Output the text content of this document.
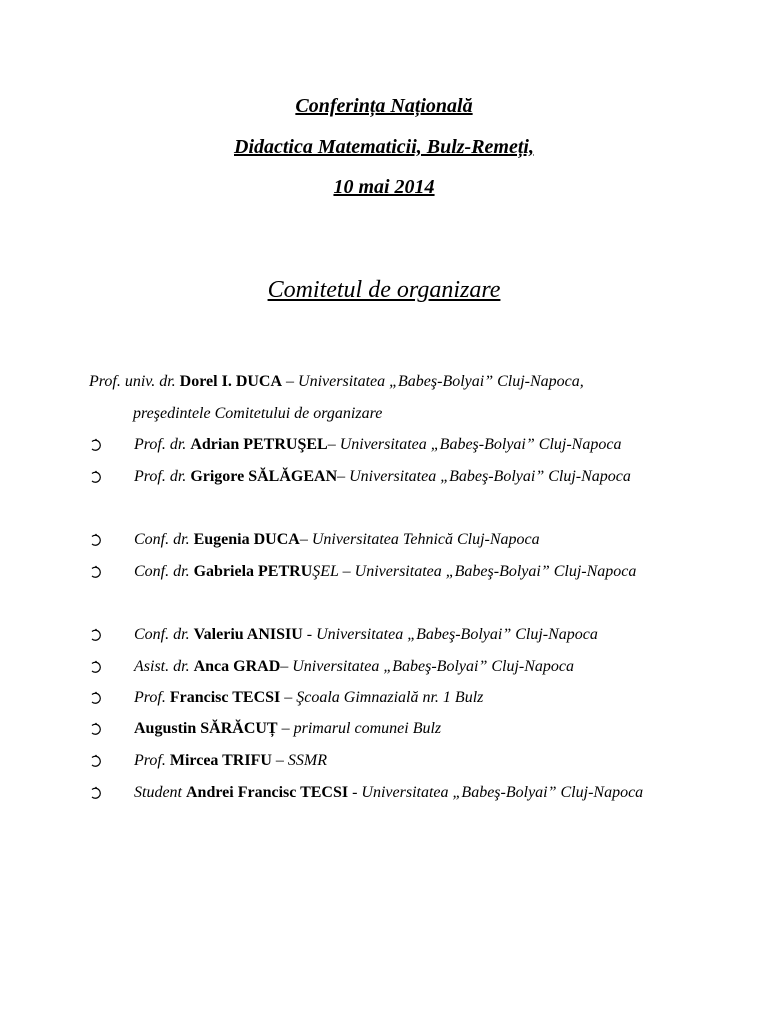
Conferința Națională
Didactica Matematicii, Bulz-Remeți,
10 mai 2014
Comitetul de organizare
Prof. univ. dr. Dorel I. DUCA – Universitatea „Babeş-Bolyai” Cluj-Napoca,
preşedintele Comitetului de organizare
Prof. dr. Adrian PETRUŞEL– Universitatea „Babeş-Bolyai” Cluj-Napoca
Prof. dr. Grigore SĂLĂGEAN– Universitatea „Babeş-Bolyai” Cluj-Napoca
Conf. dr. Eugenia DUCA– Universitatea Tehnică Cluj-Napoca
Conf. dr. Gabriela PETRUŞEL – Universitatea „Babeş-Bolyai” Cluj-Napoca
Conf. dr. Valeriu ANISIU - Universitatea „Babeş-Bolyai” Cluj-Napoca
Asist. dr. Anca GRAD– Universitatea „Babeş-Bolyai” Cluj-Napoca
Prof. Francisc TECSI – Şcoala Gimnazială nr. 1 Bulz
Augustin SĂRĂCUȚ – primarul comunei Bulz
Prof. Mircea TRIFU – SSMR
Student Andrei Francisc TECSI - Universitatea „Babeş-Bolyai” Cluj-Napoca
